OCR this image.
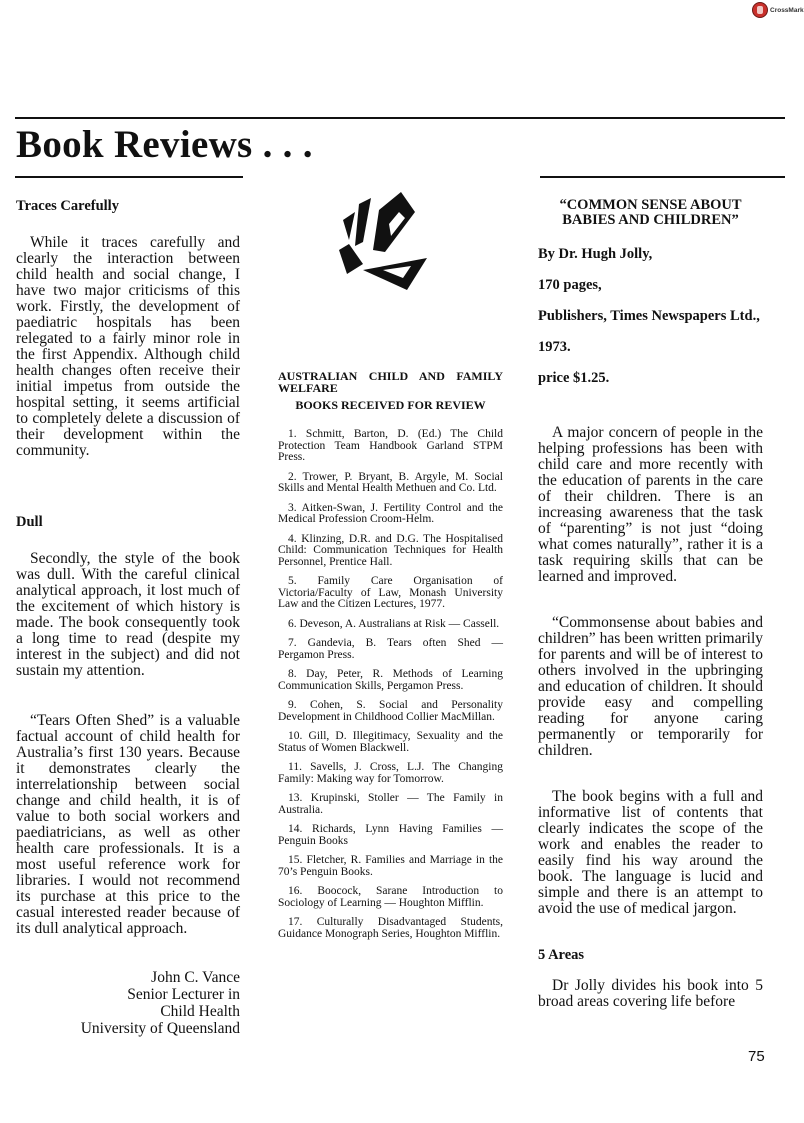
CrossMark
Book Reviews . . .

Traces Carefully

While it traces carefully and clearly the interaction between child health and social change, I have two major criticisms of this work. Firstly, the development of paediatric hospitals has been relegated to a fairly minor role in the first Appendix. Although child health changes often receive their initial impetus from outside the hospital setting, it seems artificial to completely delete a discussion of their development within the community.

Dull

Secondly, the style of the book was dull. With the careful clinical analytical approach, it lost much of the excitement of which history is made. The book consequently took a long time to read (despite my interest in the subject) and did not sustain my attention.

“Tears Often Shed” is a valuable factual account of child health for Australia’s first 130 years. Because it demonstrates clearly the interrelationship between social change and child health, it is of value to both social workers and paediatricians, as well as other health care professionals. It is a most useful reference work for libraries. I would not recommend its purchase at this price to the casual interested reader because of its dull analytical approach.

John C. Vance
Senior Lecturer in
Child Health
University of Queensland

AUSTRALIAN CHILD AND FAMILY WELFARE

BOOKS RECEIVED FOR REVIEW

1. Schmitt, Barton, D. (Ed.) The Child Protection Team Handbook Garland STPM Press.
2. Trower, P. Bryant, B. Argyle, M. Social Skills and Mental Health Methuen and Co. Ltd.
3. Aitken-Swan, J. Fertility Control and the Medical Profession Croom-Helm.
4. Klinzing, D.R. and D.G. The Hospitalised Child: Communication Techniques for Health Personnel, Prentice Hall.
5. Family Care Organisation of Victoria/Faculty of Law, Monash University Law and the Citizen Lectures, 1977.
6. Deveson, A. Australians at Risk — Cassell.
7. Gandevia, B. Tears often Shed — Pergamon Press.
8. Day, Peter, R. Methods of Learning Communication Skills, Pergamon Press.
9. Cohen, S. Social and Personality Development in Childhood Collier MacMillan.
10. Gill, D. Illegitimacy, Sexuality and the Status of Women Blackwell.
11. Savells, J. Cross, L.J. The Changing Family: Making way for Tomorrow.
13. Krupinski, Stoller — The Family in Australia.
14. Richards, Lynn Having Families — Penguin Books
15. Fletcher, R. Families and Marriage in the 70’s Penguin Books.
16. Boocock, Sarane Introduction to Sociology of Learning — Houghton Mifflin.
17. Culturally Disadvantaged Students, Guidance Monograph Series, Houghton Mifflin.

“COMMON SENSE ABOUT BABIES AND CHILDREN”

By Dr. Hugh Jolly,

170 pages,

Publishers, Times Newspapers Ltd.,

1973.

price $1.25.

A major concern of people in the helping professions has been with child care and more recently with the education of parents in the care of their children. There is an increasing awareness that the task of “parenting” is not just “doing what comes naturally”, rather it is a task requiring skills that can be learned and improved.

“Commonsense about babies and children” has been written primarily for parents and will be of interest to others involved in the upbringing and education of children. It should provide easy and compelling reading for anyone caring permanently or temporarily for children.

The book begins with a full and informative list of contents that clearly indicates the scope of the work and enables the reader to easily find his way around the book. The language is lucid and simple and there is an attempt to avoid the use of medical jargon.

5 Areas

Dr Jolly divides his book into 5 broad areas covering life before

75
